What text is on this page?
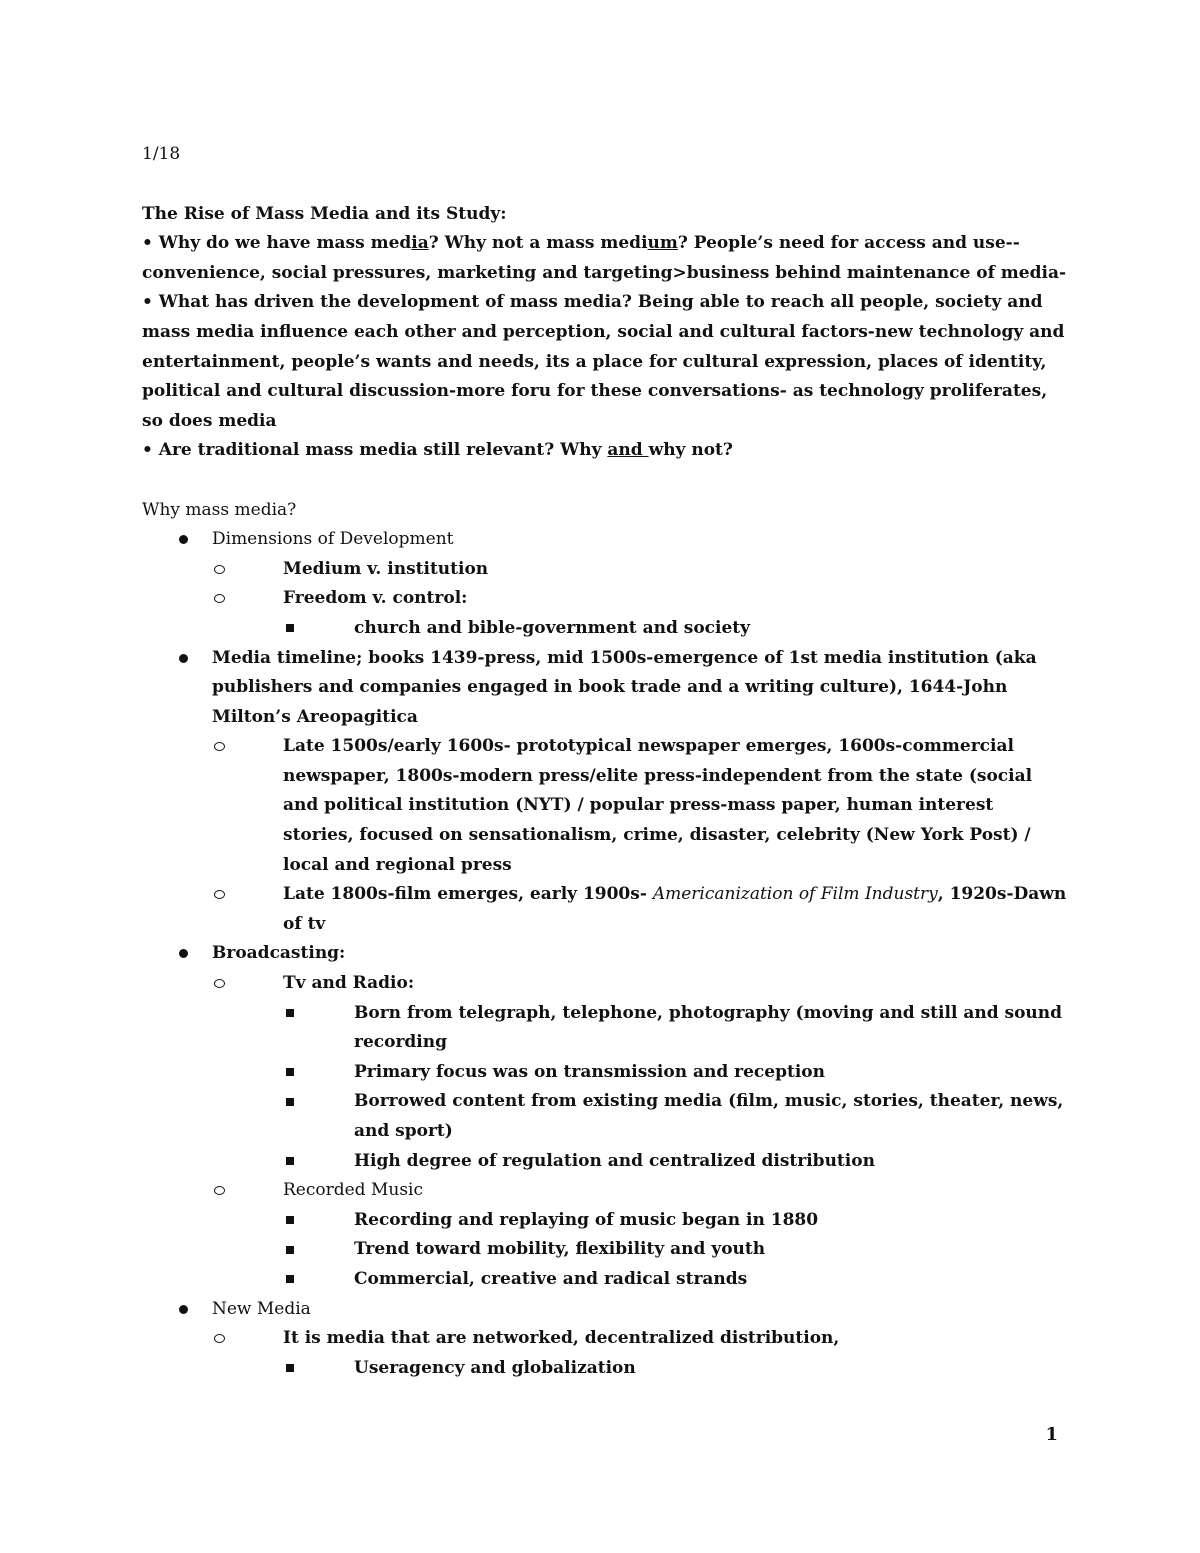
1/18

The Rise of Mass Media and its Study:

• Why do we have mass media? Why not a mass medium? People’s need for access and use--convenience, social pressures, marketing and targeting>business behind maintenance of media-

• What has driven the development of mass media? Being able to reach all people, society and mass media influence each other and perception, social and cultural factors-new technology and entertainment, people’s wants and needs, its a place for cultural expression, places of identity, political and cultural discussion-more foru for these conversations- as technology proliferates, so does media

• Are traditional mass media still relevant? Why and why not?

Why mass media?

Dimensions of Development
Medium v. institution
Freedom v. control:
church and bible-government and society
Media timeline; books 1439-press, mid 1500s-emergence of 1st media institution (aka publishers and companies engaged in book trade and a writing culture), 1644-John Milton’s Areopagitica
Late 1500s/early 1600s- prototypical newspaper emerges, 1600s-commercial newspaper, 1800s-modern press/elite press-independent from the state (social and political institution (NYT) / popular press-mass paper, human interest stories, focused on sensationalism, crime, disaster, celebrity (New York Post) / local and regional press
Late 1800s-film emerges, early 1900s- Americanization of Film Industry, 1920s-Dawn of tv
Broadcasting:
Tv and Radio:
Born from telegraph, telephone, photography (moving and still and sound recording
Primary focus was on transmission and reception
Borrowed content from existing media (film, music, stories, theater, news, and sport)
High degree of regulation and centralized distribution
Recorded Music
Recording and replaying of music began in 1880
Trend toward mobility, flexibility and youth
Commercial, creative and radical strands
New Media
It is media that are networked, decentralized distribution,
Useragency and globalization
1
